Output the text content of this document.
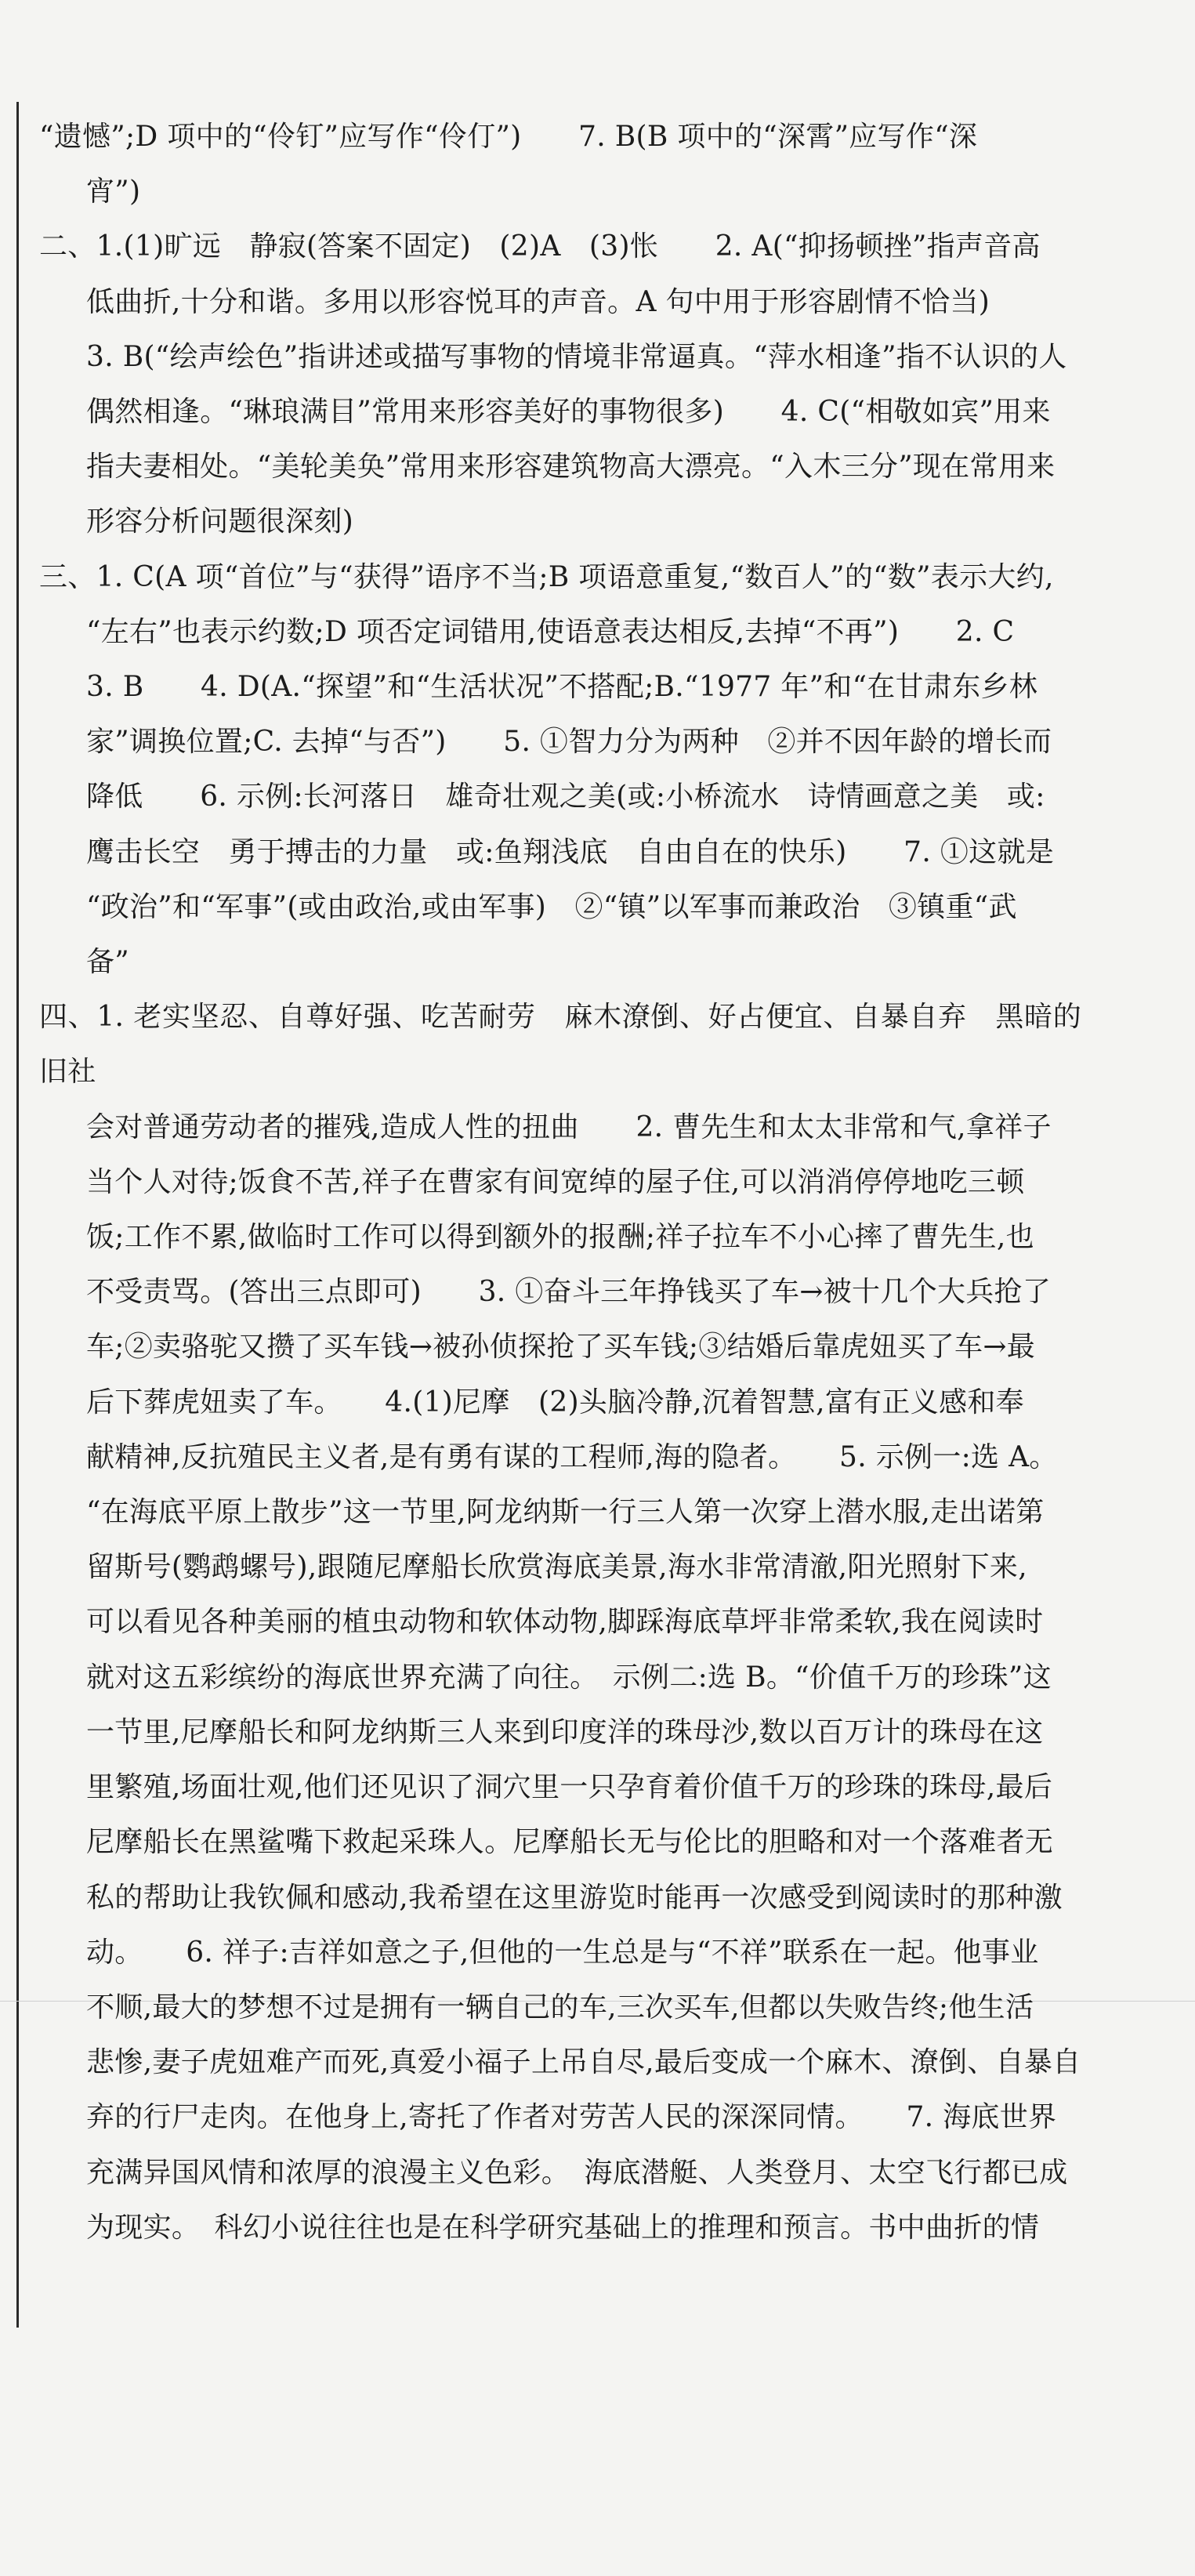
“遗憾”;D 项中的“伶钉”应写作“伶仃”)　　7. B(B 项中的“深霄”应写作“深

宵”)

二、1.(1)旷远　静寂(答案不固定)　(2)A　(3)怅　　2. A(“抑扬顿挫”指声音高

低曲折,十分和谐。多用以形容悦耳的声音。A 句中用于形容剧情不恰当)

3. B(“绘声绘色”指讲述或描写事物的情境非常逼真。“萍水相逢”指不认识的人

偶然相逢。“琳琅满目”常用来形容美好的事物很多)　　4. C(“相敬如宾”用来

指夫妻相处。“美轮美奂”常用来形容建筑物高大漂亮。“入木三分”现在常用来

形容分析问题很深刻)

三、1. C(A 项“首位”与“获得”语序不当;B 项语意重复,“数百人”的“数”表示大约,

“左右”也表示约数;D 项否定词错用,使语意表达相反,去掉“不再”)　　2. C

3. B　　4. D(A.“探望”和“生活状况”不搭配;B.“1977 年”和“在甘肃东乡林

家”调换位置;C. 去掉“与否”)　　5. ①智力分为两种　②并不因年龄的增长而

降低　　6. 示例:长河落日　雄奇壮观之美(或:小桥流水　诗情画意之美　或:

鹰击长空　勇于搏击的力量　或:鱼翔浅底　自由自在的快乐)　　7. ①这就是

“政治”和“军事”(或由政治,或由军事)　②“镇”以军事而兼政治　③镇重“武

备”

四、1. 老实坚忍、自尊好强、吃苦耐劳　麻木潦倒、好占便宜、自暴自弃　黑暗的旧社

会对普通劳动者的摧残,造成人性的扭曲　　2. 曹先生和太太非常和气,拿祥子

当个人对待;饭食不苦,祥子在曹家有间宽绰的屋子住,可以消消停停地吃三顿

饭;工作不累,做临时工作可以得到额外的报酬;祥子拉车不小心摔了曹先生,也

不受责骂。(答出三点即可)　　3. ①奋斗三年挣钱买了车→被十几个大兵抢了

车;②卖骆驼又攒了买车钱→被孙侦探抢了买车钱;③结婚后靠虎妞买了车→最

后下葬虎妞卖了车。　　4.(1)尼摩　(2)头脑冷静,沉着智慧,富有正义感和奉

献精神,反抗殖民主义者,是有勇有谋的工程师,海的隐者。　　5. 示例一:选 A。

“在海底平原上散步”这一节里,阿龙纳斯一行三人第一次穿上潜水服,走出诺第

留斯号(鹦鹉螺号),跟随尼摩船长欣赏海底美景,海水非常清澈,阳光照射下来,

可以看见各种美丽的植虫动物和软体动物,脚踩海底草坪非常柔软,我在阅读时

就对这五彩缤纷的海底世界充满了向往。　示例二:选 B。“价值千万的珍珠”这

一节里,尼摩船长和阿龙纳斯三人来到印度洋的珠母沙,数以百万计的珠母在这

里繁殖,场面壮观,他们还见识了洞穴里一只孕育着价值千万的珍珠的珠母,最后

尼摩船长在黑鲨嘴下救起采珠人。尼摩船长无与伦比的胆略和对一个落难者无

私的帮助让我钦佩和感动,我希望在这里游览时能再一次感受到阅读时的那种激

动。　　6. 祥子:吉祥如意之子,但他的一生总是与“不祥”联系在一起。他事业

不顺,最大的梦想不过是拥有一辆自己的车,三次买车,但都以失败告终;他生活

悲惨,妻子虎妞难产而死,真爱小福子上吊自尽,最后变成一个麻木、潦倒、自暴自

弃的行尸走肉。在他身上,寄托了作者对劳苦人民的深深同情。　　7. 海底世界

充满异国风情和浓厚的浪漫主义色彩。　海底潜艇、人类登月、太空飞行都已成

为现实。　科幻小说往往也是在科学研究基础上的推理和预言。书中曲折的情
